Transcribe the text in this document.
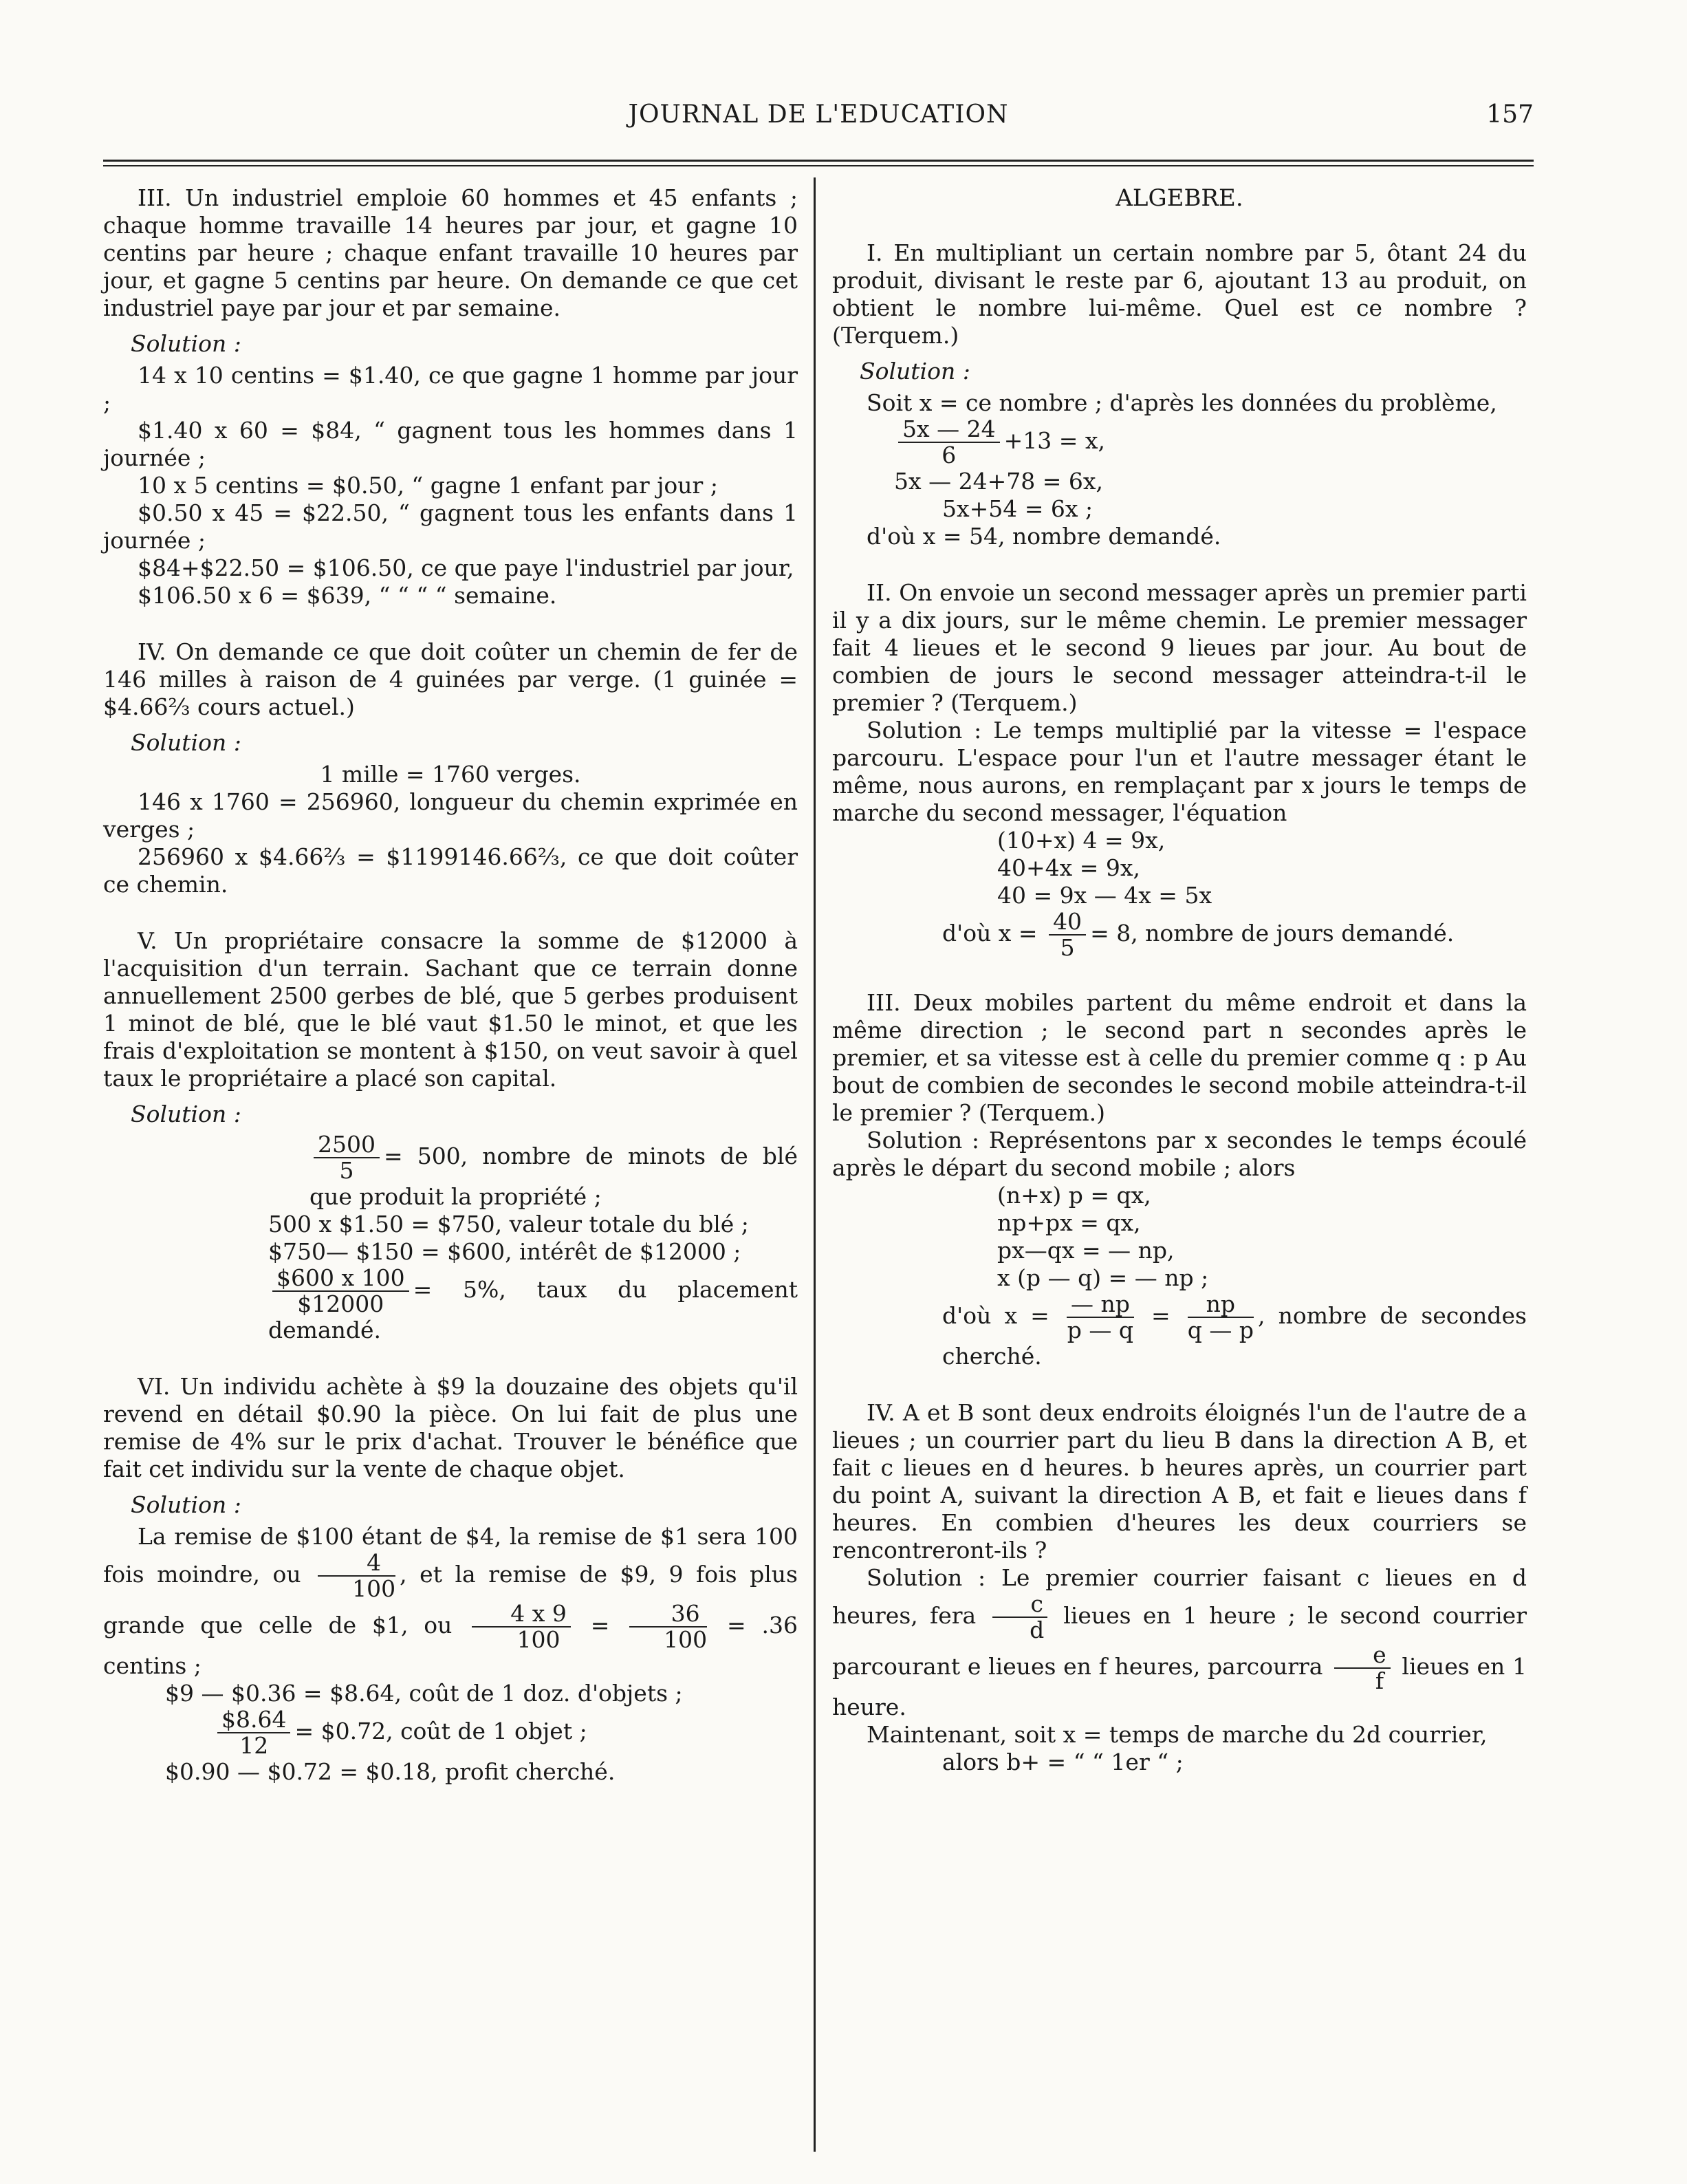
JOURNAL DE L'EDUCATION	157

III. Un industriel emploie 60 hommes et 45 enfants ; chaque homme travaille 14 heures par jour, et gagne 10 centins par heure ; chaque enfant travaille 10 heures par jour, et gagne 5 centins par heure. On demande ce que cet industriel paye par jour et par semaine.

Solution :

14 x 10 centins = $1.40, ce que gagne 1 homme par jour ;

$1.40 x 60 = $84, “ gagnent tous les hommes dans 1 journée ;

10 x 5 centins = $0.50, “ gagne 1 enfant par jour ;

$0.50 x 45 = $22.50, “ gagnent tous les enfants dans 1 journée ;

$84+$22.50 = $106.50, ce que paye l'industriel par jour,

$106.50 x 6 = $639, “ “ “ “ semaine.

IV. On demande ce que doit coûter un chemin de fer de 146 milles à raison de 4 guinées par verge. (1 guinée = $4.66⅔ cours actuel.)

Solution :

1 mille = 1760 verges.

146 x 1760 = 256960, longueur du chemin exprimée en verges ;

256960 x $4.66⅔ = $1199146.66⅔, ce que doit coûter ce chemin.

V. Un propriétaire consacre la somme de $12000 à l'acquisition d'un terrain. Sachant que ce terrain donne annuellement 2500 gerbes de blé, que 5 gerbes produisent 1 minot de blé, que le blé vaut $1.50 le minot, et que les frais d'exploitation se montent à $150, on veut savoir à quel taux le propriétaire a placé son capital.

Solution :

$\frac{2500}{5} = 500$, nombre de minots de blé que produit la propriété ;

500 x $1.50 = $750, valeur totale du blé ;

$750— $150 = $600, intérêt de $12000 ;

$\frac{\$600 x 100}{\$12000} = 5\%$, taux du placement demandé.

VI. Un individu achète à $9 la douzaine des objets qu'il revend en détail $0.90 la pièce. On lui fait de plus une remise de 4% sur le prix d'achat. Trouver le bénéfice que fait cet individu sur la vente de chaque objet.

Solution :

La remise de $100 étant de $4, la remise de $1 sera 100 fois moindre, ou $\frac{4}{100}$ , et la remise de $9, 9 fois plus grande que celle de $1, ou $\frac{4 x 9}{100} = \frac{36}{100} = .36$ centins ;

$9 — $0.36 = $8.64, coût de 1 doz. d'objets ;

$\frac{\$8.64}{12}$ = $0.72, coût de 1 objet ;

$0.90 — $0.72 = $0.18, profit cherché.

ALGEBRE.

I. En multipliant un certain nombre par 5, ôtant 24 du produit, divisant le reste par 6, ajoutant 13 au produit, on obtient le nombre lui-même. Quel est ce nombre ? (Terquem.)

Solution :

Soit x = ce nombre ; d'après les données du problème,

$\frac{5x — 24}{6} +13 = x$,

5x — 24+78 = 6x,

5x+54 = 6x ;

d'où x = 54, nombre demandé.

II. On envoie un second messager après un premier parti il y a dix jours, sur le même chemin. Le premier messager fait 4 lieues et le second 9 lieues par jour. Au bout de combien de jours le second messager atteindra-t-il le premier ? (Terquem.)

Solution : Le temps multiplié par la vitesse = l'espace parcouru. L'espace pour l'un et l'autre messager étant le même, nous aurons, en remplaçant par x jours le temps de marche du second messager, l'équation

(10+x) 4 = 9x,

40+4x = 9x,

40 = 9x — 4x = 5x

d'où $x = \frac{40}{5} = 8$, nombre de jours demandé.

III. Deux mobiles partent du même endroit et dans la même direction ; le second part n secondes après le premier, et sa vitesse est à celle du premier comme q : p Au bout de combien de secondes le second mobile atteindra-t-il le premier ? (Terquem.)

Solution : Représentons par x secondes le temps écoulé après le départ du second mobile ; alors

(n+x) p = qx,

np+px = qx,

px—qx = — np,

x (p — q) = — np ;

d'où $x = \frac{— np}{p — q} = \frac{np}{q — p}$ , nombre de secondes cherché.

IV. A et B sont deux endroits éloignés l'un de l'autre de a lieues ; un courrier part du lieu B dans la direction A B, et fait c lieues en d heures. b heures après, un courrier part du point A, suivant la direction A B, et fait e lieues dans f heures. En combien d'heures les deux courriers se rencontreront-ils ?

Solution : Le premier courrier faisant c lieues en d heures, fera $\frac{c}{d}$ lieues en 1 heure ; le second courrier parcourant e lieues en f heures, parcourra $\frac{e}{f}$ lieues en 1 heure.

Maintenant, soit x = temps de marche du 2d courrier,

alors b+ = “ “ 1er “ ;
